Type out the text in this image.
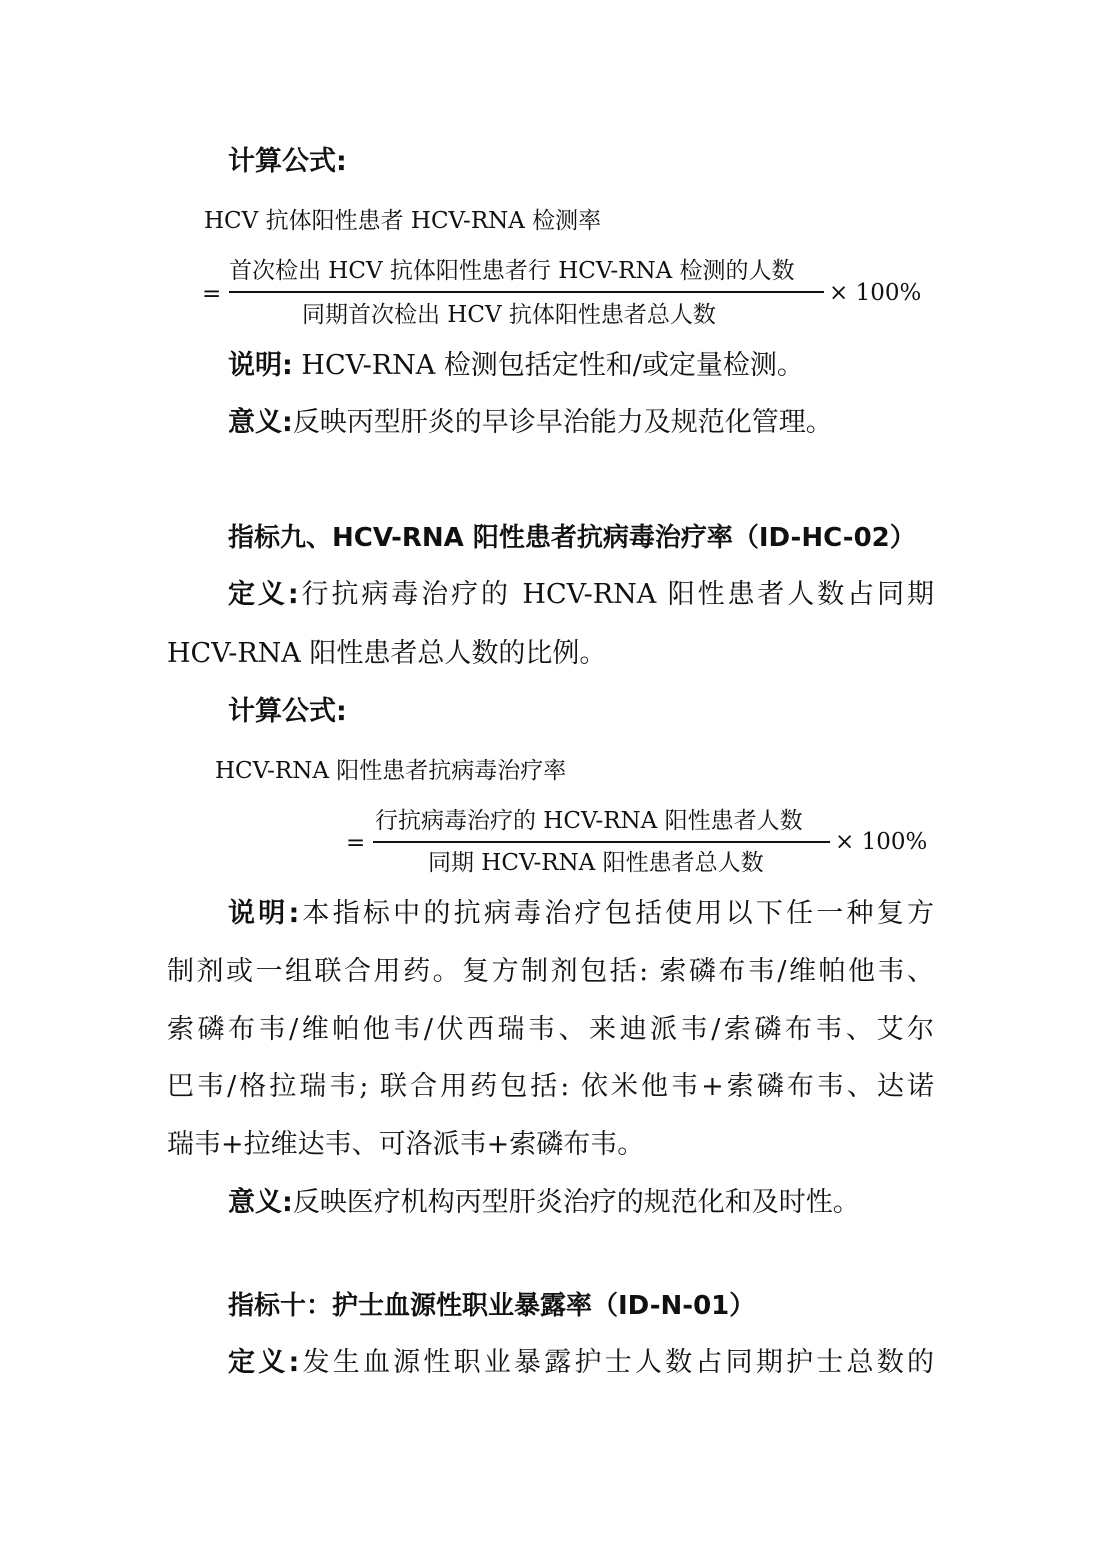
计算公式:
HCV 抗体阳性患者 HCV-RNA 检测率
=
首次检出 HCV 抗体阳性患者行 HCV-RNA 检测的人数
同期首次检出 HCV 抗体阳性患者总人数
× 100%
说明: HCV-RNA 检测包括定性和/或定量检测。
意义:反映丙型肝炎的早诊早治能力及规范化管理。
指标九、HCV-RNA 阳性患者抗病毒治疗率（ID-HC-02）
定义:行抗病毒治疗的 HCV-RNA 阳性患者人数占同期
HCV-RNA 阳性患者总人数的比例。
计算公式:
HCV-RNA 阳性患者抗病毒治疗率
=
行抗病毒治疗的 HCV-RNA 阳性患者人数
同期 HCV-RNA 阳性患者总人数
× 100%
说明:本指标中的抗病毒治疗包括使用以下任一种复方
制剂或一组联合用药。复方制剂包括: 索磷布韦/维帕他韦、
索磷布韦/维帕他韦/伏西瑞韦、来迪派韦/索磷布韦、艾尔
巴韦/格拉瑞韦; 联合用药包括: 依米他韦+索磷布韦、达诺
瑞韦+拉维达韦、可洛派韦+索磷布韦。
意义:反映医疗机构丙型肝炎治疗的规范化和及时性。
指标十：护士血源性职业暴露率（ID-N-01）
定义:发生血源性职业暴露护士人数占同期护士总数的
